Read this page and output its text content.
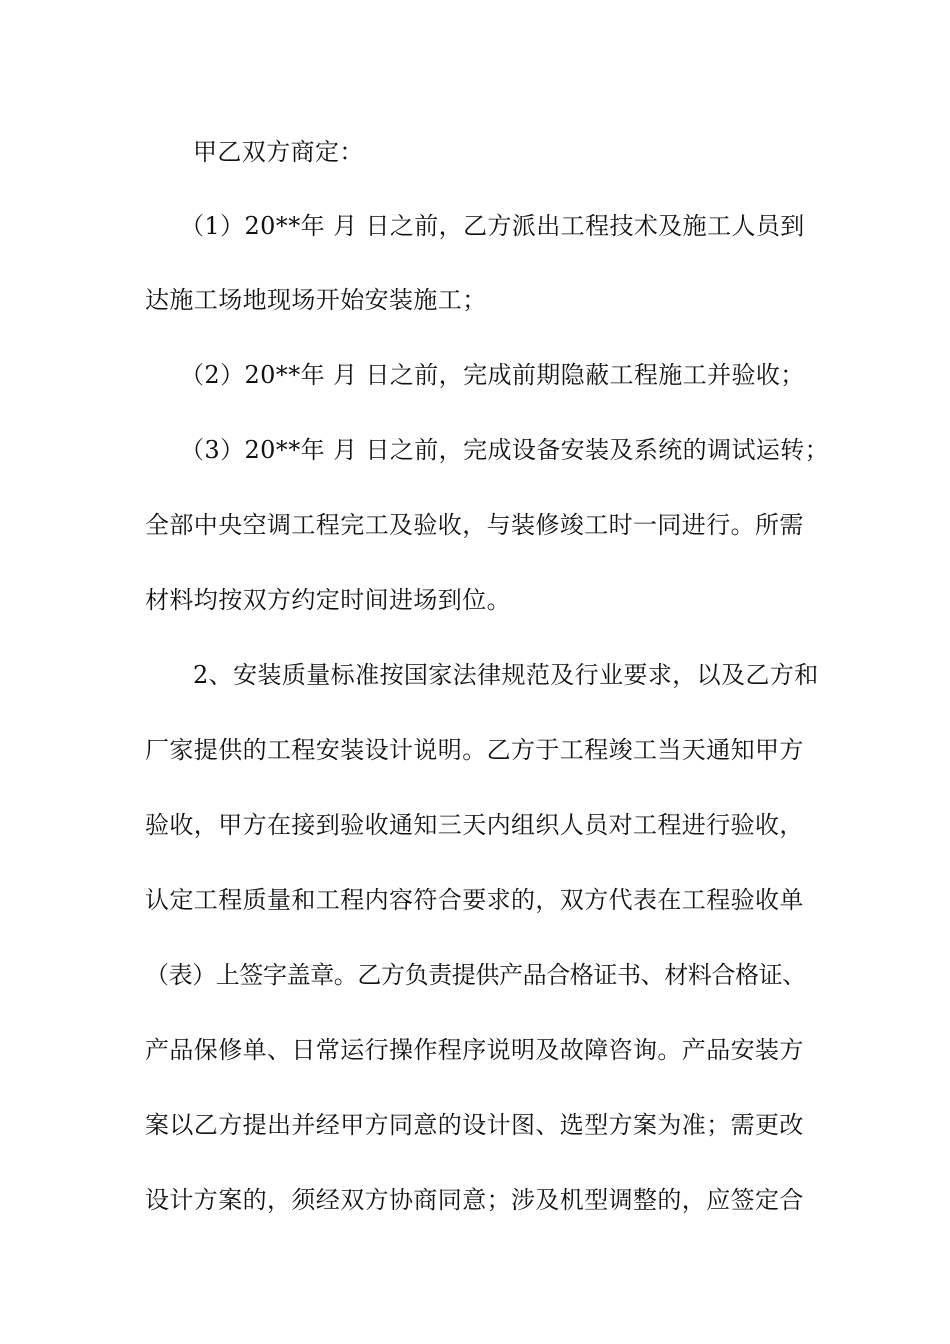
甲乙双方商定：
（1）20**年 月 日之前，乙方派出工程技术及施工人员到
达施工场地现场开始安装施工；
（2）20**年 月 日之前，完成前期隐蔽工程施工并验收；
（3）20**年 月 日之前，完成设备安装及系统的调试运转；
全部中央空调工程完工及验收，与装修竣工时一同进行。所需
材料均按双方约定时间进场到位。
2、安装质量标准按国家法律规范及行业要求，以及乙方和
厂家提供的工程安装设计说明。乙方于工程竣工当天通知甲方
验收，甲方在接到验收通知三天内组织人员对工程进行验收，
认定工程质量和工程内容符合要求的，双方代表在工程验收单
（表）上签字盖章。乙方负责提供产品合格证书、材料合格证、
产品保修单、日常运行操作程序说明及故障咨询。产品安装方
案以乙方提出并经甲方同意的设计图、选型方案为准；需更改
设计方案的，须经双方协商同意；涉及机型调整的，应签定合
